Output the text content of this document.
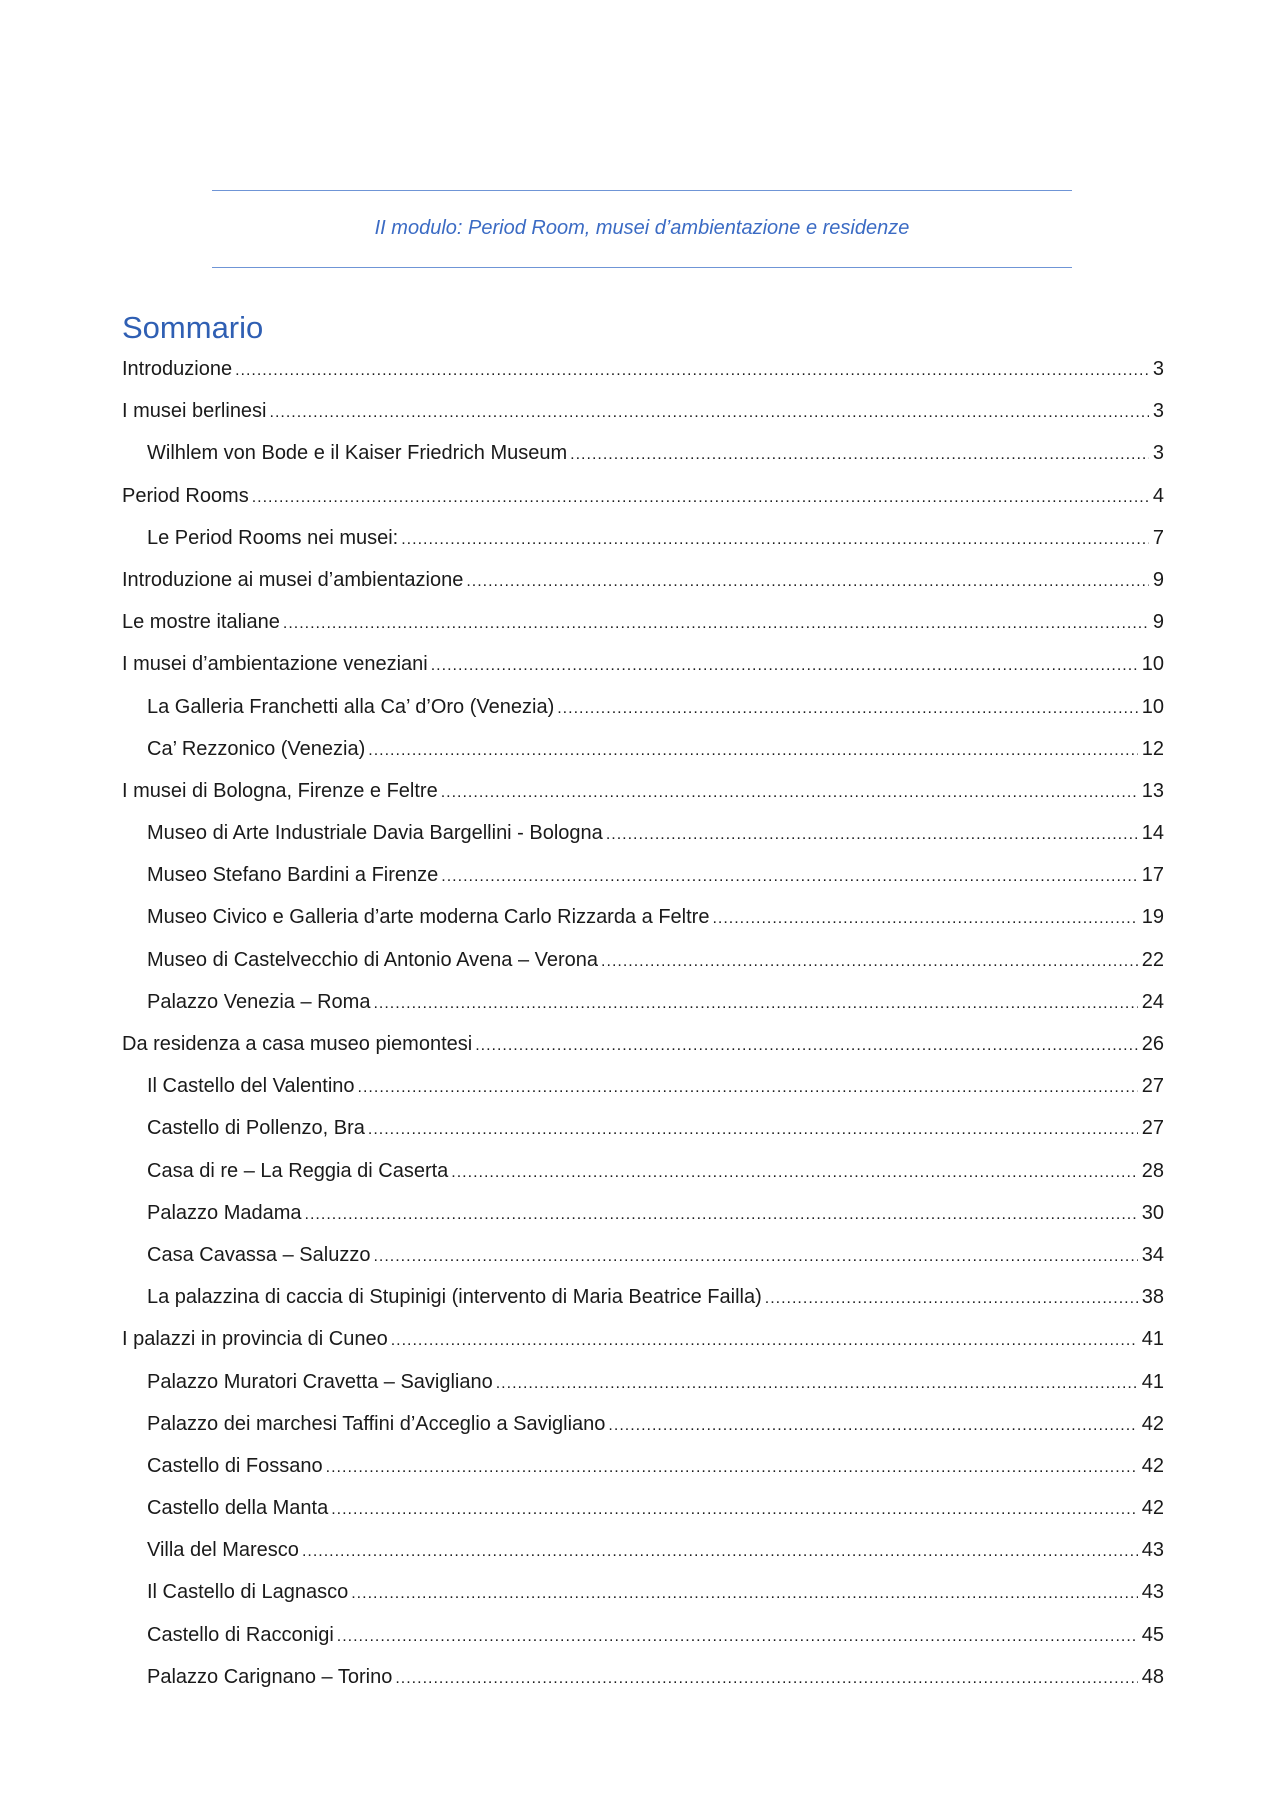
II modulo: Period Room, musei d’ambientazione e residenze
Sommario
Introduzione .....	3
I musei berlinesi .....	3
Wilhlem von Bode e il Kaiser Friedrich Museum .....	3
Period Rooms .....	4
Le Period Rooms nei musei: .....	7
Introduzione ai musei d’ambientazione .....	9
Le mostre italiane .....	9
I musei d’ambientazione veneziani .....	10
La Galleria Franchetti alla Ca’ d’Oro (Venezia) .....	10
Ca’ Rezzonico (Venezia) .....	12
I musei di Bologna, Firenze e Feltre .....	13
Museo di Arte Industriale Davia Bargellini - Bologna .....	14
Museo Stefano Bardini a Firenze .....	17
Museo Civico e Galleria d’arte moderna Carlo Rizzarda a Feltre .....	19
Museo di Castelvecchio di Antonio Avena – Verona .....	22
Palazzo Venezia – Roma .....	24
Da residenza a casa museo piemontesi .....	26
Il Castello del Valentino .....	27
Castello di Pollenzo, Bra .....	27
Casa di re – La Reggia di Caserta .....	28
Palazzo Madama .....	30
Casa Cavassa – Saluzzo .....	34
La palazzina di caccia di Stupinigi (intervento di Maria Beatrice Failla) .....	38
I palazzi in provincia di Cuneo .....	41
Palazzo Muratori Cravetta – Savigliano .....	41
Palazzo dei marchesi Taffini d’Acceglio a Savigliano .....	42
Castello di Fossano .....	42
Castello della Manta .....	42
Villa del Maresco .....	43
Il Castello di Lagnasco .....	43
Castello di Racconigi .....	45
Palazzo Carignano – Torino .....	48
